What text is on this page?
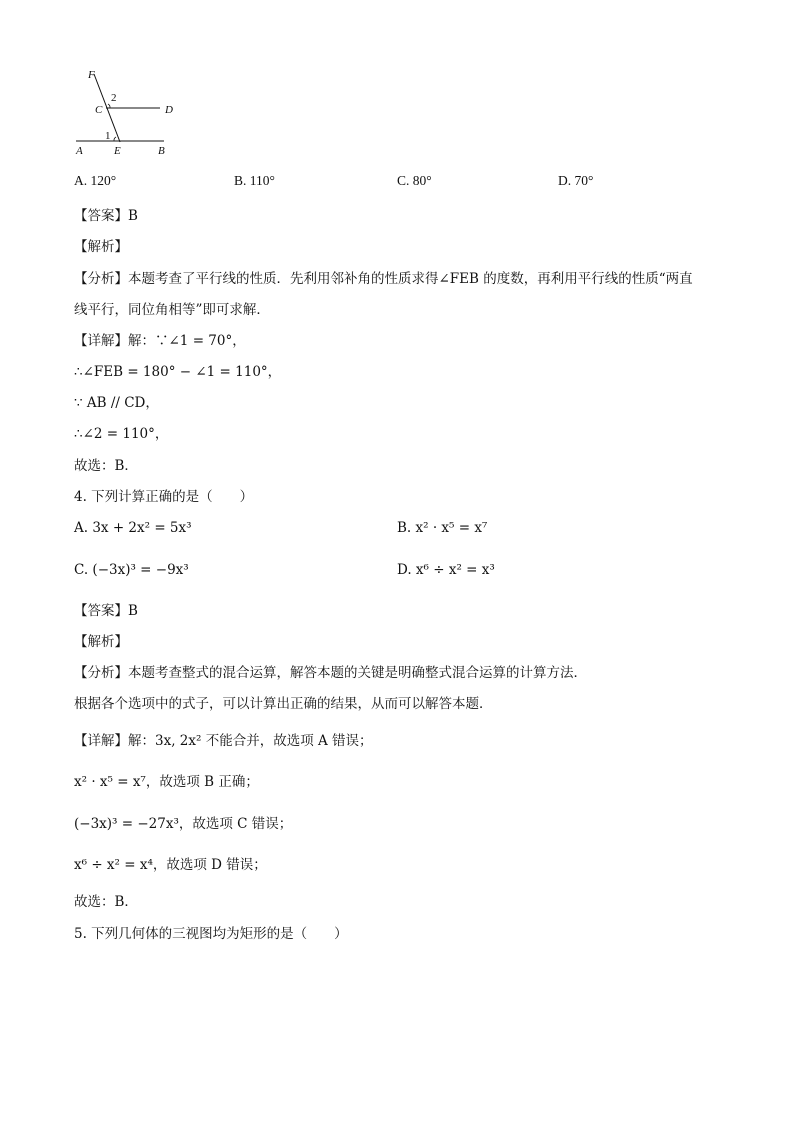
F
C
2
D
1
A	E	B
A. 120°	B. 110°	C. 80°	D. 70°
【答案】B
【解析】
【分析】本题考查了平行线的性质．先利用邻补角的性质求得∠FEB 的度数，再利用平行线的性质“两直
线平行，同位角相等”即可求解．
【详解】解：∵∠1 = 70°，
∴∠FEB = 180° − ∠1 = 110°，
∵ AB // CD，
∴∠2 = 110°，
故选：B．
4. 下列计算正确的是（　　）
A. 3x + 2x² = 5x³	B. x² · x⁵ = x⁷
C. (−3x)³ = −9x³	D. x⁶ ÷ x² = x³
【答案】B
【解析】
【分析】本题考查整式的混合运算，解答本题的关键是明确整式混合运算的计算方法．
根据各个选项中的式子，可以计算出正确的结果，从而可以解答本题．
【详解】解：3x, 2x² 不能合并，故选项 A 错误；
x² · x⁵ = x⁷，故选项 B 正确；
(−3x)³ = −27x³，故选项 C 错误；
x⁶ ÷ x² = x⁴，故选项 D 错误；
故选：B．
5. 下列几何体的三视图均为矩形的是（　　）
